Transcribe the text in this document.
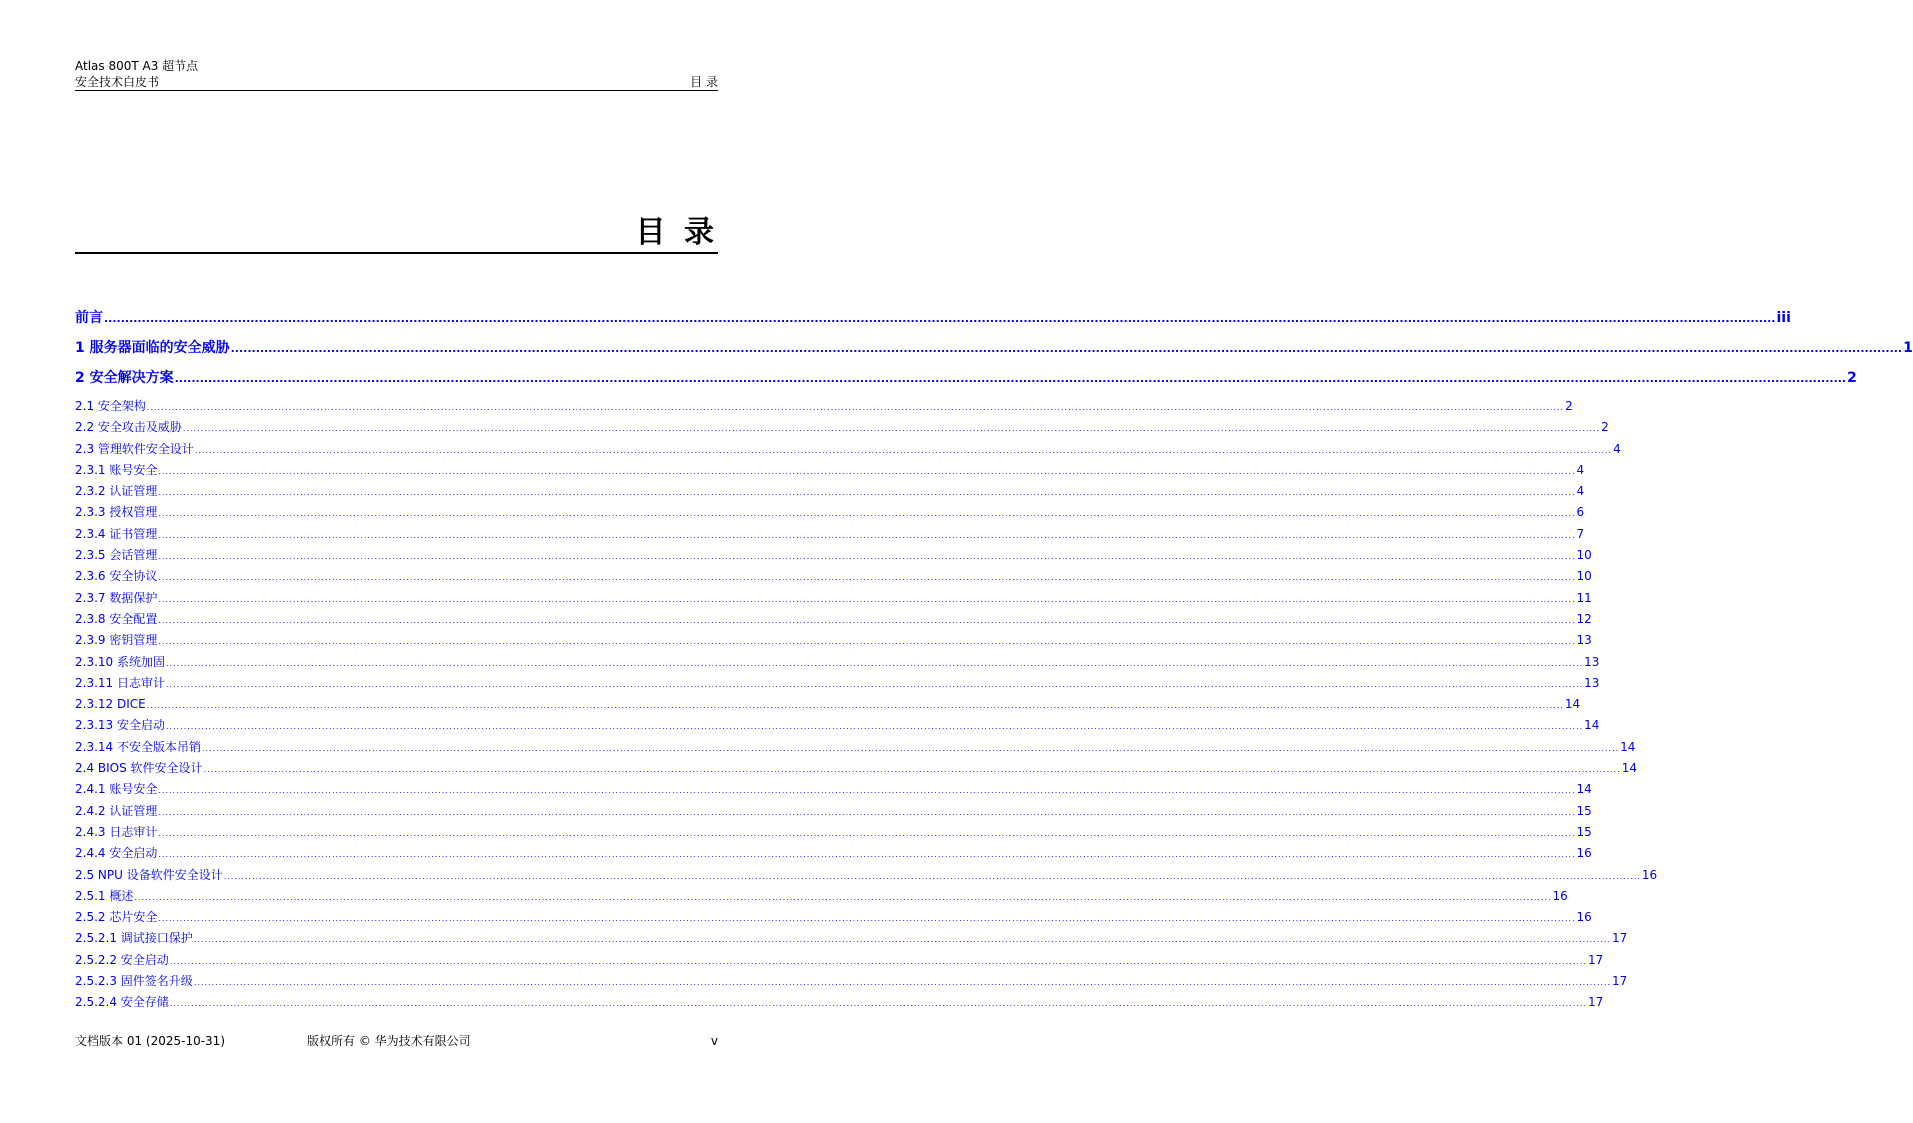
Atlas 800T A3 超节点
安全技术白皮书	目 录
目 录
前言 ................................................................................................................................................................................................................................................................................................................................................................................................................ iii
1 服务器面临的安全威胁 ................................................................................................................................................................................................................................................................................................................................................................................................................ 1
2 安全解决方案 ................................................................................................................................................................................................................................................................................................................................................................................................................ 2
2.1 安全架构 ................................................................................................................................................................................................................................................................................................................................................................................................................ 2
2.2 安全攻击及威胁 ................................................................................................................................................................................................................................................................................................................................................................................................................ 2
2.3 管理软件安全设计 ................................................................................................................................................................................................................................................................................................................................................................................................................ 4
2.3.1 账号安全 ................................................................................................................................................................................................................................................................................................................................................................................................................ 4
2.3.2 认证管理 ................................................................................................................................................................................................................................................................................................................................................................................................................ 4
2.3.3 授权管理 ................................................................................................................................................................................................................................................................................................................................................................................................................ 6
2.3.4 证书管理 ................................................................................................................................................................................................................................................................................................................................................................................................................ 7
2.3.5 会话管理 ................................................................................................................................................................................................................................................................................................................................................................................................................ 10
2.3.6 安全协议 ................................................................................................................................................................................................................................................................................................................................................................................................................ 10
2.3.7 数据保护 ................................................................................................................................................................................................................................................................................................................................................................................................................ 11
2.3.8 安全配置 ................................................................................................................................................................................................................................................................................................................................................................................................................ 12
2.3.9 密钥管理 ................................................................................................................................................................................................................................................................................................................................................................................................................ 13
2.3.10 系统加固 ................................................................................................................................................................................................................................................................................................................................................................................................................ 13
2.3.11 日志审计 ................................................................................................................................................................................................................................................................................................................................................................................................................ 13
2.3.12 DICE ................................................................................................................................................................................................................................................................................................................................................................................................................ 14
2.3.13 安全启动 ................................................................................................................................................................................................................................................................................................................................................................................................................ 14
2.3.14 不安全版本吊销 ................................................................................................................................................................................................................................................................................................................................................................................................................ 14
2.4 BIOS 软件安全设计 ................................................................................................................................................................................................................................................................................................................................................................................................................ 14
2.4.1 账号安全 ................................................................................................................................................................................................................................................................................................................................................................................................................ 14
2.4.2 认证管理 ................................................................................................................................................................................................................................................................................................................................................................................................................ 15
2.4.3 日志审计 ................................................................................................................................................................................................................................................................................................................................................................................................................ 15
2.4.4 安全启动 ................................................................................................................................................................................................................................................................................................................................................................................................................ 16
2.5 NPU 设备软件安全设计 ................................................................................................................................................................................................................................................................................................................................................................................................................ 16
2.5.1 概述 ................................................................................................................................................................................................................................................................................................................................................................................................................ 16
2.5.2 芯片安全 ................................................................................................................................................................................................................................................................................................................................................................................................................ 16
2.5.2.1 调试接口保护 ................................................................................................................................................................................................................................................................................................................................................................................................................ 17
2.5.2.2 安全启动 ................................................................................................................................................................................................................................................................................................................................................................................................................ 17
2.5.2.3 固件签名升级 ................................................................................................................................................................................................................................................................................................................................................................................................................ 17
2.5.2.4 安全存储 ................................................................................................................................................................................................................................................................................................................................................................................................................ 17
文档版本 01 (2025-10-31)	版权所有 © 华为技术有限公司	v
